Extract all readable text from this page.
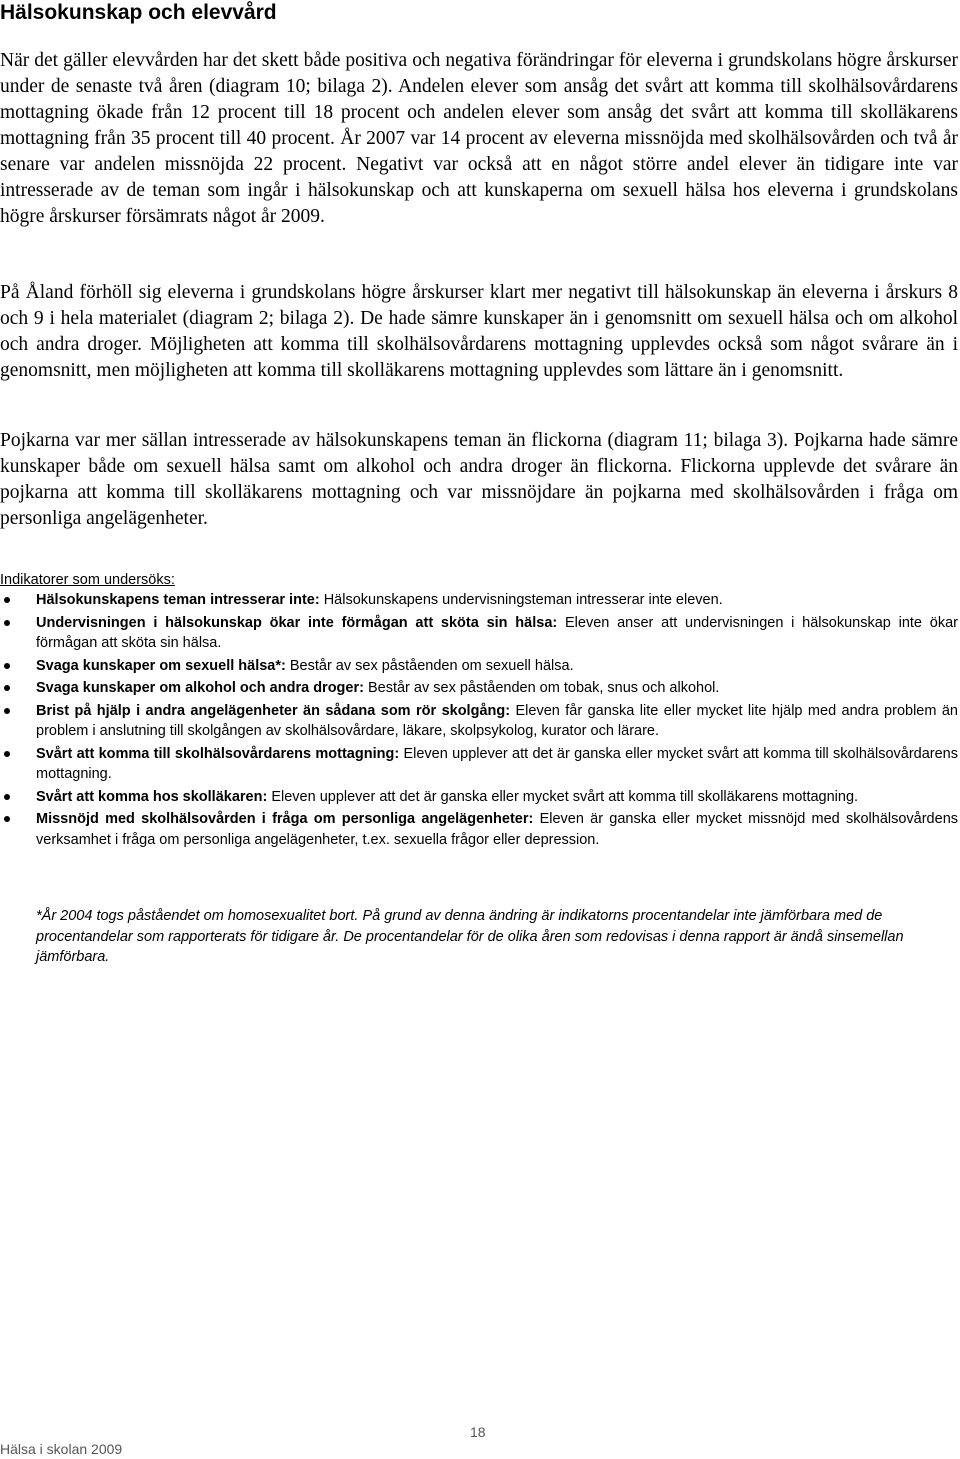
Hälsokunskap och elevvård

När det gäller elevvården har det skett både positiva och negativa förändringar för eleverna i grundskolans högre årskurser under de senaste två åren (diagram 10; bilaga 2). Andelen elever som ansåg det svårt att komma till skolhälsovårdarens mottagning ökade från 12 procent till 18 procent och andelen elever som ansåg det svårt att komma till skolläkarens mottagning från 35 procent till 40 procent. År 2007 var 14 procent av eleverna missnöjda med skolhälsovården och två år senare var andelen missnöjda 22 procent. Negativt var också att en något större andel elever än tidigare inte var intresserade av de teman som ingår i hälsokunskap och att kunskaperna om sexuell hälsa hos eleverna i grundskolans högre årskurser försämrats något år 2009.

På Åland förhöll sig eleverna i grundskolans högre årskurser klart mer negativt till hälsokunskap än eleverna i årskurs 8 och 9 i hela materialet (diagram 2; bilaga 2). De hade sämre kunskaper än i genomsnitt om sexuell hälsa och om alkohol och andra droger. Möjligheten att komma till skolhälsovårdarens mottagning upplevdes också som något svårare än i genomsnitt, men möjligheten att komma till skolläkarens mottagning upplevdes som lättare än i genomsnitt.

Pojkarna var mer sällan intresserade av hälsokunskapens teman än flickorna (diagram 11; bilaga 3). Pojkarna hade sämre kunskaper både om sexuell hälsa samt om alkohol och andra droger än flickorna. Flickorna upplevde det svårare än pojkarna att komma till skolläkarens mottagning och var missnöjdare än pojkarna med skolhälsovården i fråga om personliga angelägenheter.

Indikatorer som undersöks:

Hälsokunskapens teman intresserar inte: Hälsokunskapens undervisningsteman intresserar inte eleven.
Undervisningen i hälsokunskap ökar inte förmågan att sköta sin hälsa: Eleven anser att undervisningen i hälsokunskap inte ökar förmågan att sköta sin hälsa.
Svaga kunskaper om sexuell hälsa*: Består av sex påståenden om sexuell hälsa.
Svaga kunskaper om alkohol och andra droger: Består av sex påståenden om tobak, snus och alkohol.
Brist på hjälp i andra angelägenheter än sådana som rör skolgång: Eleven får ganska lite eller mycket lite hjälp med andra problem än problem i anslutning till skolgången av skolhälsovårdare, läkare, skolpsykolog, kurator och lärare.
Svårt att komma till skolhälsovårdarens mottagning: Eleven upplever att det är ganska eller mycket svårt att komma till skolhälsovårdarens mottagning.
Svårt att komma hos skolläkaren: Eleven upplever att det är ganska eller mycket svårt att komma till skolläkarens mottagning.
Missnöjd med skolhälsovården i fråga om personliga angelägenheter: Eleven är ganska eller mycket missnöjd med skolhälsovårdens verksamhet i fråga om personliga angelägenheter, t.ex. sexuella frågor eller depression.

*År 2004 togs påståendet om homosexualitet bort. På grund av denna ändring är indikatorns procentandelar inte jämförbara med de procentandelar som rapporterats för tidigare år. De procentandelar för de olika åren som redovisas i denna rapport är ändå sinsemellan jämförbara.

18
Hälsa i skolan 2009
